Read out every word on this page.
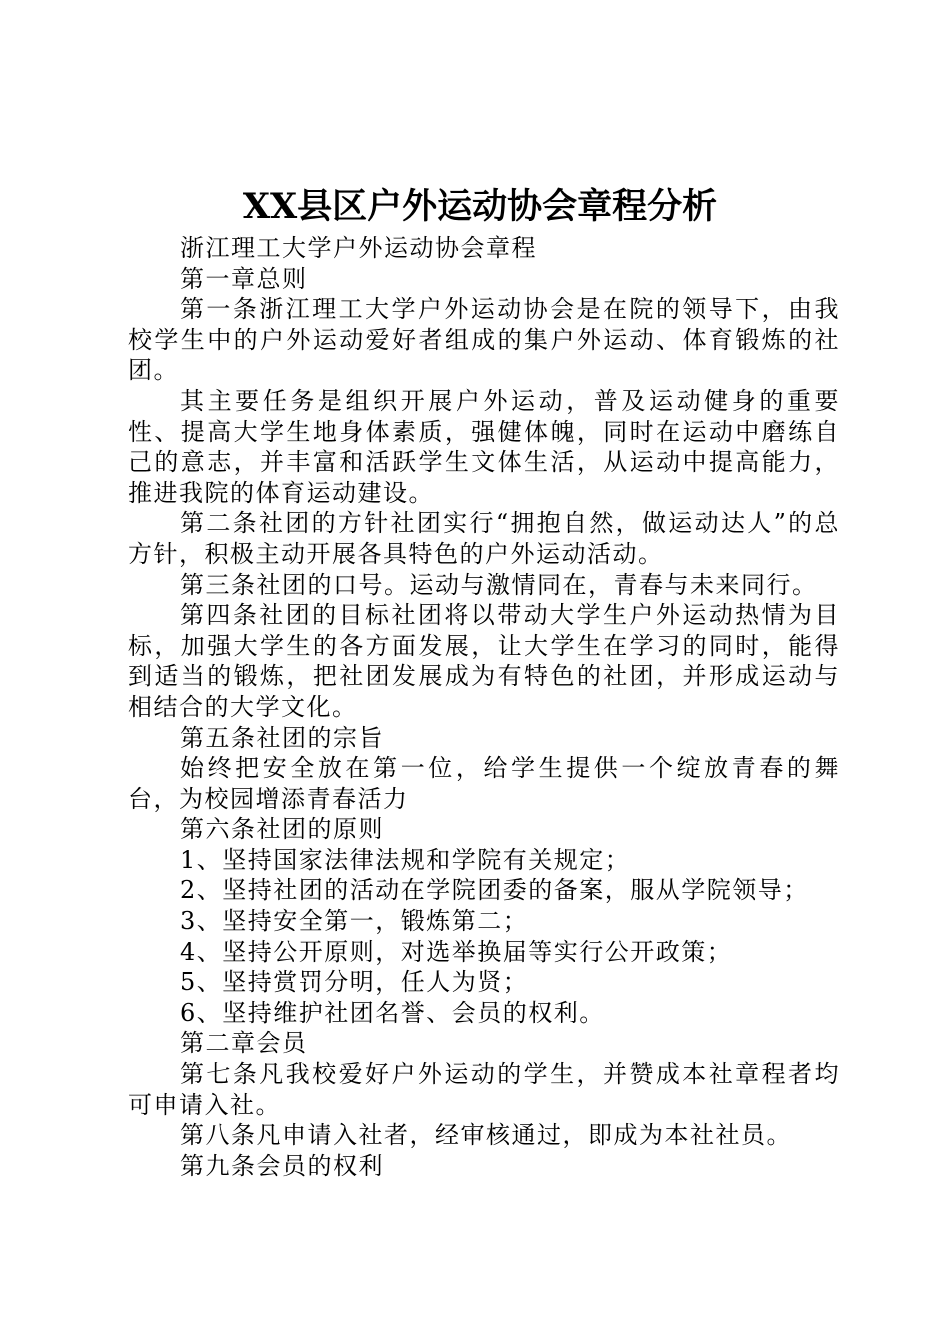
XX县区户外运动协会章程分析

浙江理工大学户外运动协会章程

第一章总则

第一条浙江理工大学户外运动协会是在院的领导下，由我校学生中的户外运动爱好者组成的集户外运动、体育锻炼的社团。

其主要任务是组织开展户外运动，普及运动健身的重要性、提高大学生地身体素质，强健体魄，同时在运动中磨练自己的意志，并丰富和活跃学生文体生活，从运动中提高能力，推进我院的体育运动建设。

第二条社团的方针社团实行“拥抱自然，做运动达人”的总方针，积极主动开展各具特色的户外运动活动。

第三条社团的口号。运动与激情同在，青春与未来同行。

第四条社团的目标社团将以带动大学生户外运动热情为目标，加强大学生的各方面发展，让大学生在学习的同时，能得到适当的锻炼，把社团发展成为有特色的社团，并形成运动与相结合的大学文化。

第五条社团的宗旨

始终把安全放在第一位，给学生提供一个绽放青春的舞台，为校园增添青春活力

第六条社团的原则

1、坚持国家法律法规和学院有关规定；

2、坚持社团的活动在学院团委的备案，服从学院领导；

3、坚持安全第一，锻炼第二；

4、坚持公开原则，对选举换届等实行公开政策；

5、坚持赏罚分明，任人为贤；

6、坚持维护社团名誉、会员的权利。

第二章会员

第七条凡我校爱好户外运动的学生，并赞成本社章程者均可申请入社。

第八条凡申请入社者，经审核通过，即成为本社社员。

第九条会员的权利
